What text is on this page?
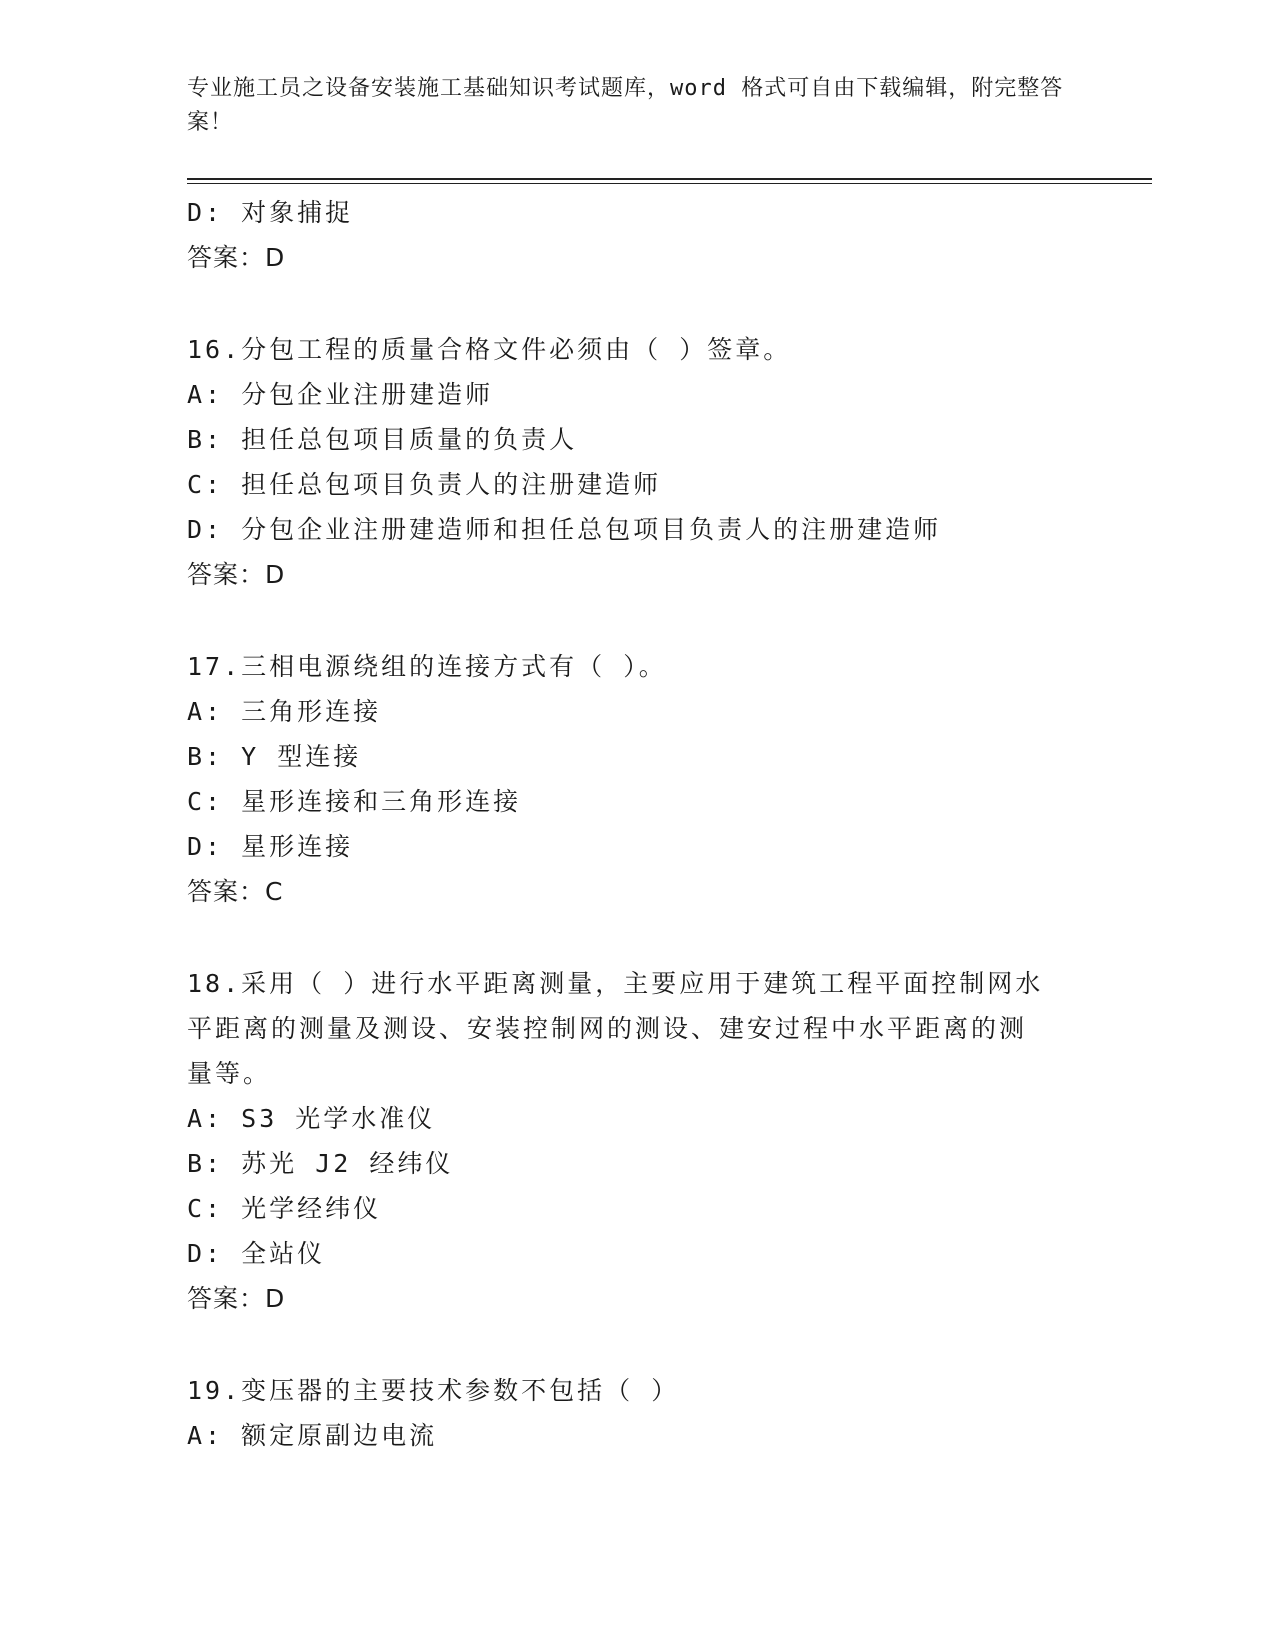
专业施工员之设备安装施工基础知识考试题库，word 格式可自由下载编辑，附完整答案！
D: 对象捕捉
答案：D
16.分包工程的质量合格文件必须由（ ）签章。
A: 分包企业注册建造师
B: 担任总包项目质量的负责人
C: 担任总包项目负责人的注册建造师
D: 分包企业注册建造师和担任总包项目负责人的注册建造师
答案：D
17.三相电源绕组的连接方式有（ ）。
A: 三角形连接
B: Y 型连接
C: 星形连接和三角形连接
D: 星形连接
答案：C
18.采用（ ）进行水平距离测量，主要应用于建筑工程平面控制网水
平距离的测量及测设、安装控制网的测设、建安过程中水平距离的测
量等。
A: S3 光学水准仪
B: 苏光 J2 经纬仪
C: 光学经纬仪
D: 全站仪
答案：D
19.变压器的主要技术参数不包括（ ）
A: 额定原副边电流
